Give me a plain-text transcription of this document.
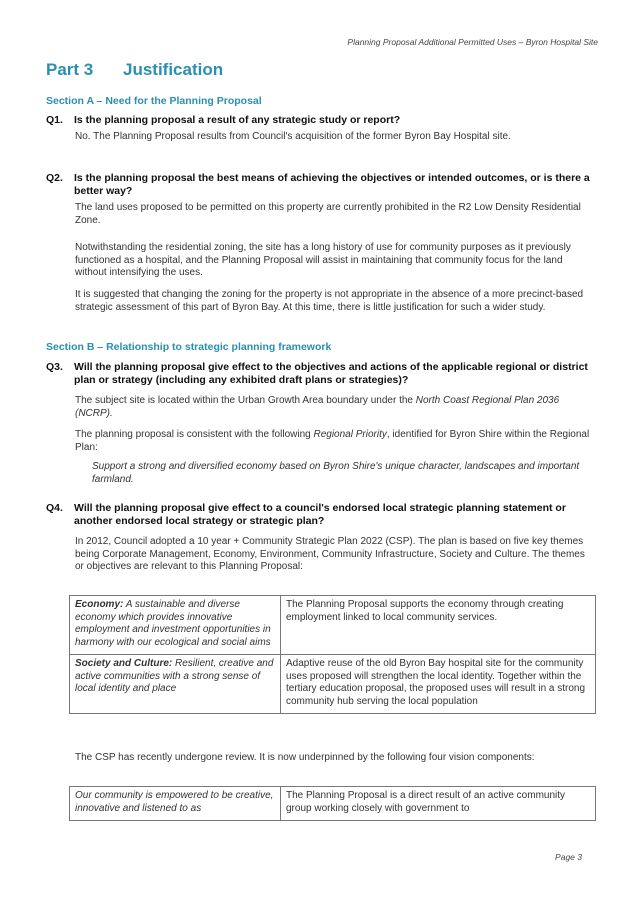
Planning Proposal Additional Permitted Uses – Byron Hospital Site
Part 3 Justification
Section A – Need for the Planning Proposal
Q1.	Is the planning proposal a result of any strategic study or report?

No. The Planning Proposal results from Council's acquisition of the former Byron Bay Hospital site.

Q2.	Is the planning proposal the best means of achieving the objectives or intended outcomes, or is there a better way?

The land uses proposed to be permitted on this property are currently prohibited in the R2 Low Density Residential Zone.

Notwithstanding the residential zoning, the site has a long history of use for community purposes as it previously functioned as a hospital, and the Planning Proposal will assist in maintaining that community focus for the land without intensifying the uses.

It is suggested that changing the zoning for the property is not appropriate in the absence of a more precinct-based strategic assessment of this part of Byron Bay. At this time, there is little justification for such a wider study.

Section B – Relationship to strategic planning framework
Q3.	Will the planning proposal give effect to the objectives and actions of the applicable regional or district plan or strategy (including any exhibited draft plans or strategies)?

The subject site is located within the Urban Growth Area boundary under the North Coast Regional Plan 2036 (NCRP).

The planning proposal is consistent with the following Regional Priority, identified for Byron Shire within the Regional Plan:

Support a strong and diversified economy based on Byron Shire's unique character, landscapes and important farmland.

Q4.	Will the planning proposal give effect to a council's endorsed local strategic planning statement or another endorsed local strategy or strategic plan?

In 2012, Council adopted a 10 year + Community Strategic Plan 2022 (CSP). The plan is based on five key themes being Corporate Management, Economy, Environment, Community Infrastructure, Society and Culture. The themes or objectives are relevant to this Planning Proposal:

Economy: A sustainable and diverse economy which provides innovative employment and investment opportunities in harmony with our ecological and social aims	The Planning Proposal supports the economy through creating employment linked to local community services.
Society and Culture: Resilient, creative and active communities with a strong sense of local identity and place	Adaptive reuse of the old Byron Bay hospital site for the community uses proposed will strengthen the local identity. Together within the tertiary education proposal, the proposed uses will result in a strong community hub serving the local population

The CSP has recently undergone review. It is now underpinned by the following four vision components:

Our community is empowered to be creative, innovative and listened to as	The Planning Proposal is a direct result of an active community group working closely with government to
Page 3
